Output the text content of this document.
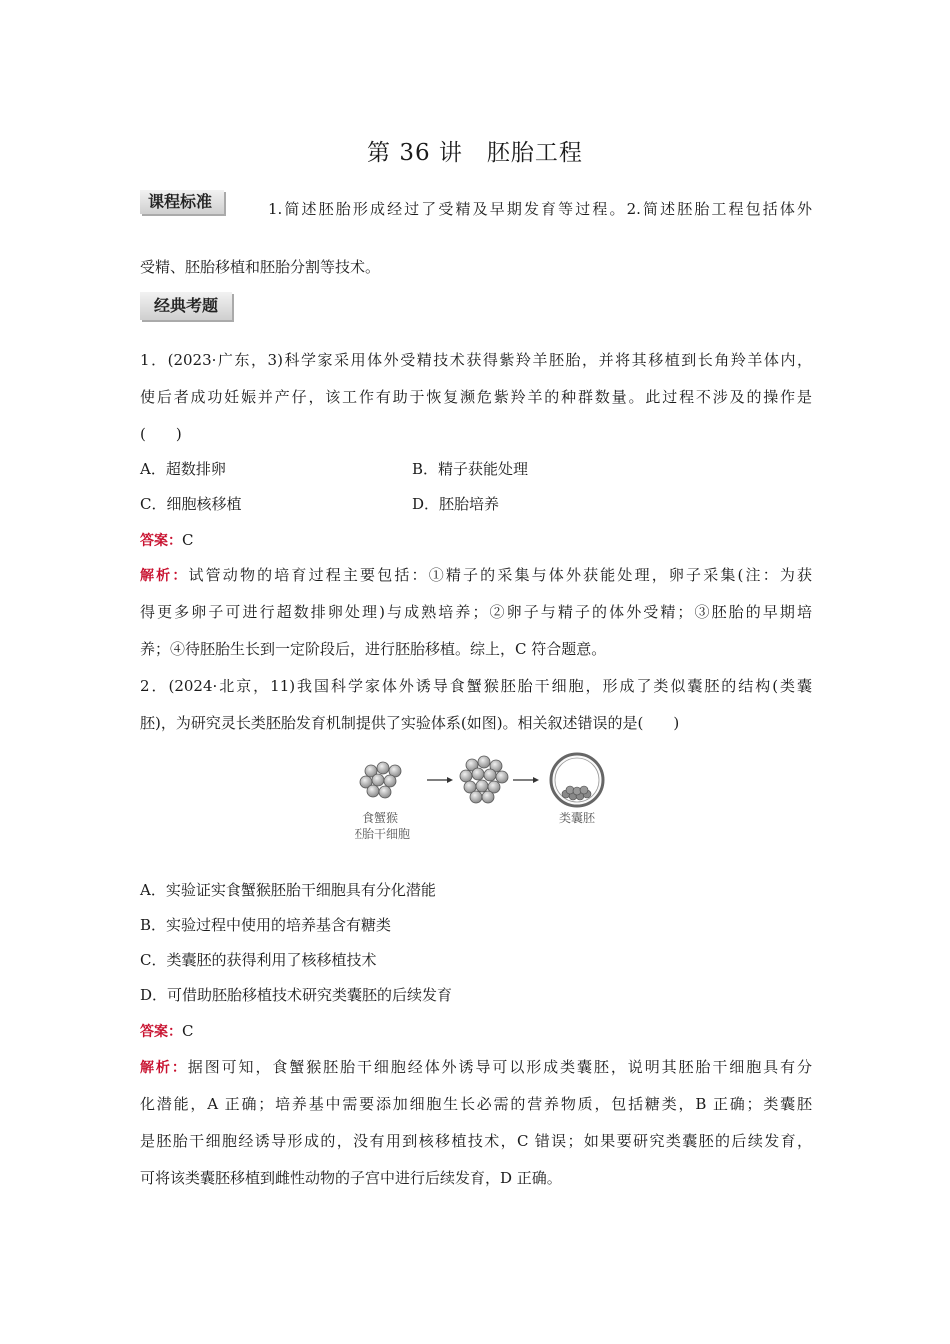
第 36 讲　胚胎工程
课程标准	1.简述胚胎形成经过了受精及早期发育等过程。2.简述胚胎工程包括体外
受精、胚胎移植和胚胎分割等技术。
经典考题
1．(2023·广东，3)科学家采用体外受精技术获得紫羚羊胚胎，并将其移植到长角羚羊体内，
使后者成功妊娠并产仔，该工作有助于恢复濒危紫羚羊的种群数量。此过程不涉及的操作是
(　　)
A．超数排卵	B．精子获能处理
C．细胞核移植	D．胚胎培养
答案：C
解析：试管动物的培育过程主要包括：①精子的采集与体外获能处理，卵子采集(注：为获
得更多卵子可进行超数排卵处理)与成熟培养；②卵子与精子的体外受精；③胚胎的早期培
养；④待胚胎生长到一定阶段后，进行胚胎移植。综上，C 符合题意。
2．(2024·北京，11)我国科学家体外诱导食蟹猴胚胎干细胞，形成了类似囊胚的结构(类囊
胚)，为研究灵长类胚胎发育机制提供了实验体系(如图)。相关叙述错误的是(　　)
食蟹猴
胚胎干细胞
类囊胚
A．实验证实食蟹猴胚胎干细胞具有分化潜能
B．实验过程中使用的培养基含有糖类
C．类囊胚的获得利用了核移植技术
D．可借助胚胎移植技术研究类囊胚的后续发育
答案：C
解析：据图可知，食蟹猴胚胎干细胞经体外诱导可以形成类囊胚，说明其胚胎干细胞具有分
化潜能，A 正确；培养基中需要添加细胞生长必需的营养物质，包括糖类，B 正确；类囊胚
是胚胎干细胞经诱导形成的，没有用到核移植技术，C 错误；如果要研究类囊胚的后续发育，
可将该类囊胚移植到雌性动物的子宫中进行后续发育，D 正确。
